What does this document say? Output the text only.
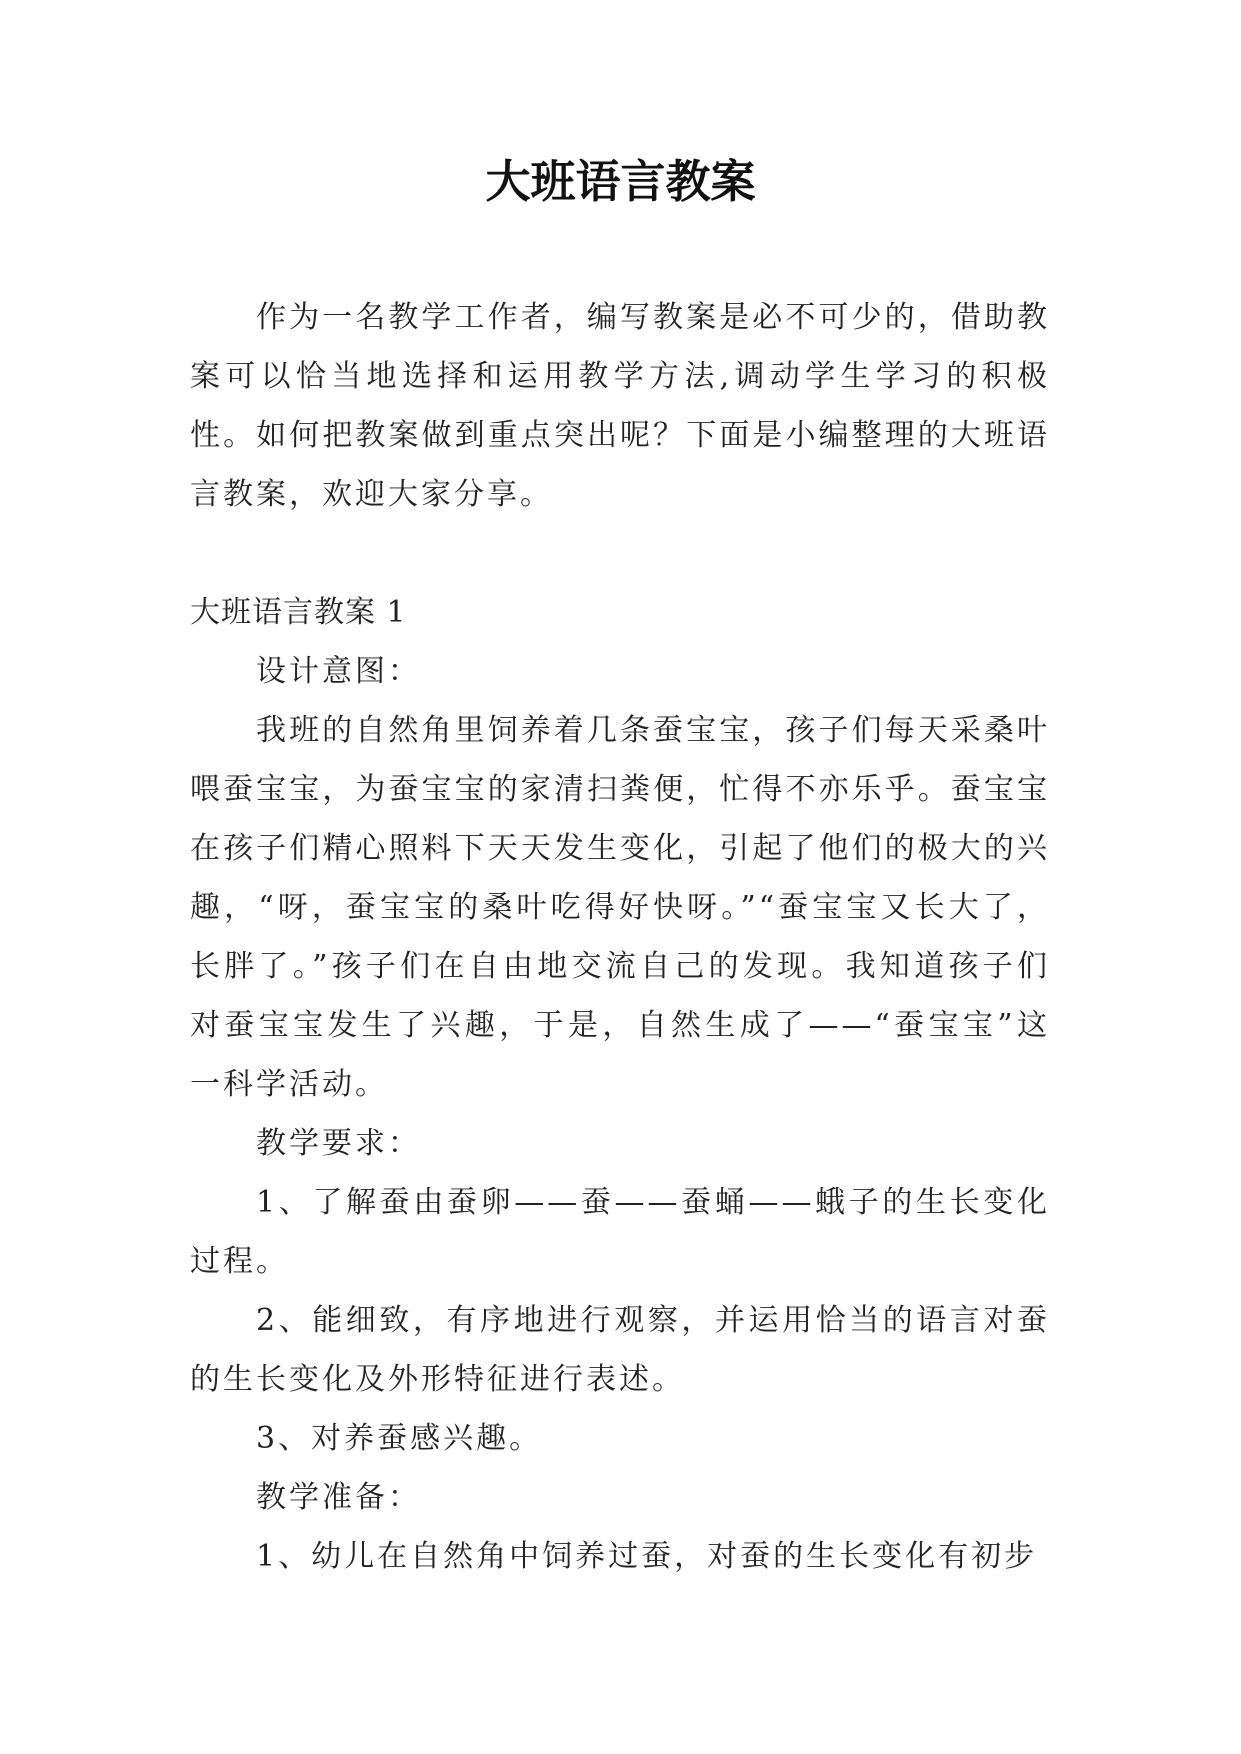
大班语言教案

作为一名教学工作者，编写教案是必不可少的，借助教案可以恰当地选择和运用教学方法,调动学生学习的积极性。如何把教案做到重点突出呢？下面是小编整理的大班语言教案，欢迎大家分享。

大班语言教案 1

设计意图：

我班的自然角里饲养着几条蚕宝宝，孩子们每天采桑叶喂蚕宝宝，为蚕宝宝的家清扫粪便，忙得不亦乐乎。蚕宝宝在孩子们精心照料下天天发生变化，引起了他们的极大的兴趣，“呀，蚕宝宝的桑叶吃得好快呀。”“蚕宝宝又长大了，长胖了。”孩子们在自由地交流自己的发现。我知道孩子们对蚕宝宝发生了兴趣，于是，自然生成了——“蚕宝宝”这一科学活动。

教学要求：

1、了解蚕由蚕卵——蚕——蚕蛹——蛾子的生长变化过程。

2、能细致，有序地进行观察，并运用恰当的语言对蚕的生长变化及外形特征进行表述。

3、对养蚕感兴趣。

教学准备：

1、幼儿在自然角中饲养过蚕，对蚕的生长变化有初步
